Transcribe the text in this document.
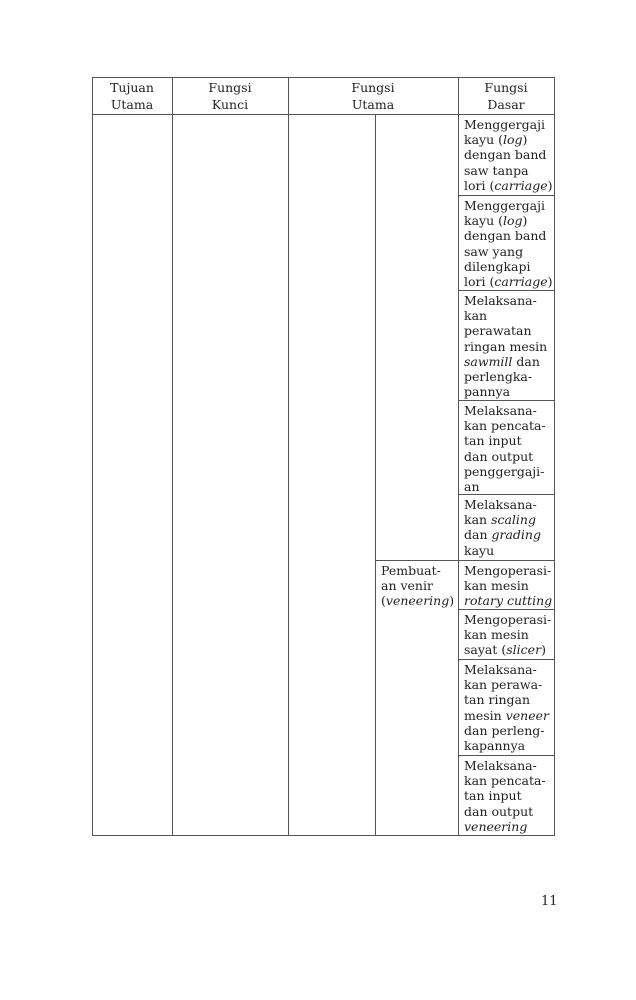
Tujuan
Utama
Fungsi
Kunci
Fungsi
Utama
Fungsi
Dasar
Menggergaji
kayu (log)
dengan band
saw tanpa
lori (carriage)
Menggergaji
kayu (log)
dengan band
saw yang
dilengkapi
lori (carriage)
Melaksana-
kan
perawatan
ringan mesin
sawmill dan
perlengka-
pannya
Melaksana-
kan pencata-
tan input
dan output
penggergaji-
an
Melaksana-
kan scaling
dan grading
kayu
Mengoperasi-
kan mesin
rotary cutting
Mengoperasi-
kan mesin
sayat (slicer)
Melaksana-
kan perawa-
tan ringan
mesin veneer
dan perleng-
kapannya
Melaksana-
kan pencata-
tan input
dan output
veneering
Pembuat-
an venir
(veneering)
11
